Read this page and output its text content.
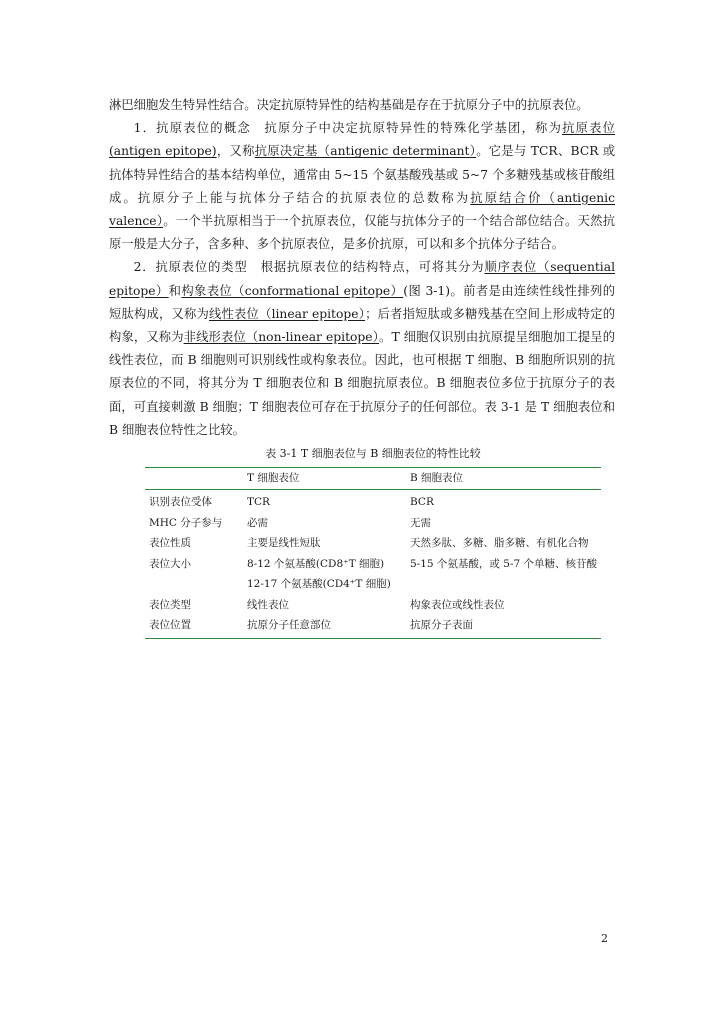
淋巴细胞发生特异性结合。决定抗原特异性的结构基础是存在于抗原分子中的抗原表位。

1．抗原表位的概念　抗原分子中决定抗原特异性的特殊化学基团，称为抗原表位(antigen epitope)，又称抗原决定基（antigenic determinant）。它是与 TCR、BCR 或抗体特异性结合的基本结构单位，通常由 5~15 个氨基酸残基或 5~7 个多糖残基或核苷酸组成。抗原分子上能与抗体分子结合的抗原表位的总数称为抗原结合价（antigenic valence）。一个半抗原相当于一个抗原表位，仅能与抗体分子的一个结合部位结合。天然抗原一般是大分子，含多种、多个抗原表位，是多价抗原，可以和多个抗体分子结合。

2．抗原表位的类型　根据抗原表位的结构特点，可将其分为顺序表位（sequential epitope）和构象表位（conformational epitope）(图 3-1)。前者是由连续性线性排列的短肽构成，又称为线性表位（linear epitope）；后者指短肽或多糖残基在空间上形成特定的构象，又称为非线形表位（non-linear epitope）。T 细胞仅识别由抗原提呈细胞加工提呈的线性表位，而 B 细胞则可识别线性或构象表位。因此，也可根据 T 细胞、B 细胞所识别的抗原表位的不同，将其分为 T 细胞表位和 B 细胞抗原表位。B 细胞表位多位于抗原分子的表面，可直接刺激 B 细胞；T 细胞表位可存在于抗原分子的任何部位。表 3-1 是 T 细胞表位和 B 细胞表位特性之比较。

表 3-1 T 细胞表位与 B 细胞表位的特性比较
	T 细胞表位	B 细胞表位
识别表位受体	TCR	BCR
MHC 分子参与	必需	无需
表位性质	主要是线性短肽	天然多肽、多糖、脂多糖、有机化合物
表位大小	8-12 个氨基酸(CD8⁺T 细胞)	5-15 个氨基酸，或 5-7 个单糖、核苷酸
	12-17 个氨基酸(CD4⁺T 细胞)	
表位类型	线性表位	构象表位或线性表位
表位位置	抗原分子任意部位	抗原分子表面
2
